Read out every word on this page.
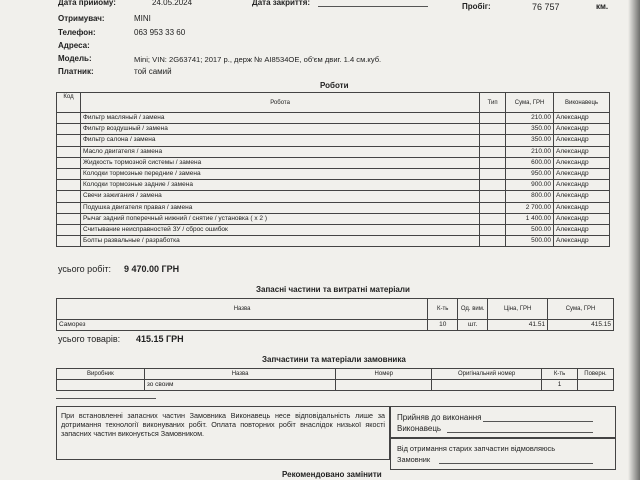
Дата прийому:	24.05.2024	Дата закриття:	Пробіг:	76 757	км.
Отримувач:	MINI
Телефон:	063 953 33 60
Адреса:
Модель:	Mini; VIN: 2G63741; 2017 р., держ № АІ8534ОЕ, об'єм двиг. 1.4 см.куб.
Платник:	той самий
Роботи
Код	Робота	Тип	Сума, ГРН	Виконавець
	Фильтр масляный / замена		210.00	Александр
	Фильтр воздушный / замена		350.00	Александр
	Фильтр салона / замена		350.00	Александр
	Масло двигателя / замена		210.00	Александр
	Жидкость тормозной системы / замена		600.00	Александр
	Колодки тормозные передние / замена		950.00	Александр
	Колодки тормозные задние / замена		900.00	Александр
	Свечи зажигания / замена		800.00	Александр
	Подушка двигателя правая / замена		2 700.00	Александр
	Рычаг задний поперечный нижний / снятие / установка ( x 2 )		1 400.00	Александр
	Считывание неисправностей ЗУ / сброс ошибок		500.00	Александр
	Болты развальные / разработка		500.00	Александр
усього робіт: 9 470.00 ГРН
Запасні частини та витратні матеріали
Назва	К-ть	Од. вим.	Ціна, ГРН	Сума, ГРН
Саморез	10	шт.	41.51	415.15
усього товарів: 415.15 ГРН
Запчастини та матеріали замовника
Виробник	Назва	Номер	Оригінальний номер	К-ть	Поверн.
	зо своим			1	
При встановленні запасних частин Замовника Виконавець несе відповідальність лише за дотримання технології виконуваних робіт. Оплата повторних робіт внаслідок низької якості запасних частин виконується Замовником.
Прийняв до виконання
Виконавець
Від отримання старих запчастин відмовляюсь
Замовник
Рекомендовано замінити
